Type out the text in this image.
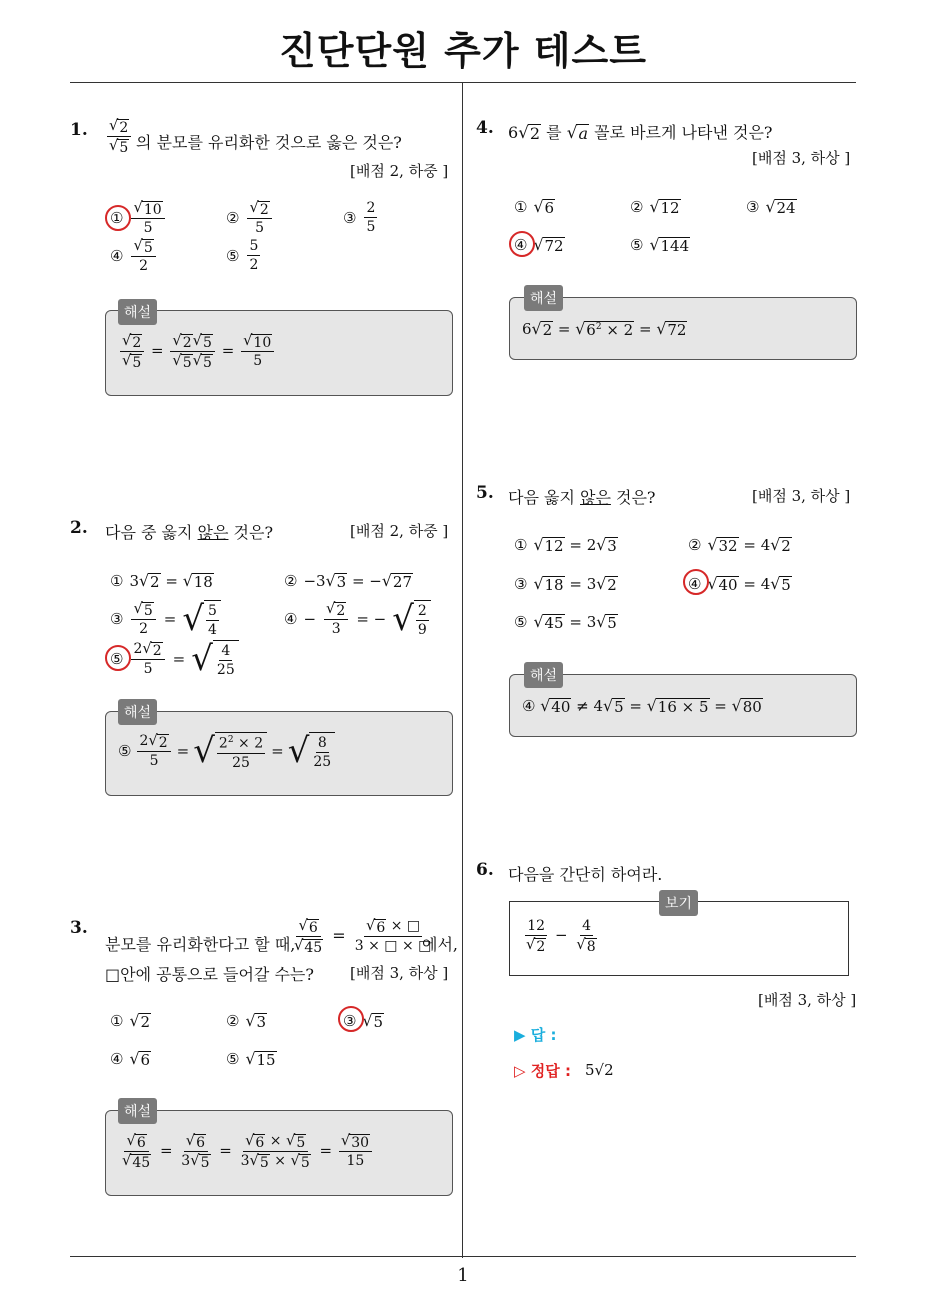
진단단원 추가 테스트
1
1. $\frac{√ 2}{√ 5}$ 의 분모를 유리화한 것으로 옳은 것은?
[배점 2, 하중 ]
① $\frac{√ 10}{5}$	② $\frac{√ 2}{5}$	③ $\frac{2}{5}$
④ $\frac{√ 5}{2}$	⑤ $\frac{5}{2}$
$\frac{√ 2}{√ 5} = \frac{√ 2 √ 5}{√ 5 √ 5} = \frac{√ 10}{5}$
해설
2. 다음 중 옳지 않은 것은?	[배점 2, 하중 ]
① 3 √ 2 = √ 18	② −3 √ 3 = − √ 27
③ $\frac{√ 5}{2}$ = √ $\frac{5}{4}$	④ − $\frac{√ 2}{3}$ = − √ $\frac{2}{9}$
⑤ $\frac{2 √ 2}{5}$ = √ $\frac{4}{25}$
⑤ $\frac{2 √ 2}{5}$ = √ $\frac{2^2 \times 2}{25}$ = √ $\frac{8}{25}$
해설
3.
분모를 유리화한다고 할 때,
$\frac{√ 6}{√ 45} = \frac{√ 6 \times □}{3 \times □ \times □}$
에서,
□안에 공통으로 들어갈 수는? [배점 3, 하상 ]
① √ 2	② √ 3	③ √ 5
④ √ 6	⑤ √ 15
$\frac{√ 6}{√ 45} = \frac{√ 6}{3 √ 5} = \frac{√ 6 \times √ 5}{3 √ 5 \times √ 5} = \frac{√ 30}{15}$
해설
4. 6 √ 2 를 √ a 꼴로 바르게 나타낸 것은?
[배점 3, 하상 ]
① √ 6	② √ 12	③ √ 24
④ √ 72	⑤ √ 144
6 √ 2 = √ $6^2 \times 2$ = √ 72
해설
5. 다음 옳지 않은 것은?	[배점 3, 하상 ]
① √ 12 = 2 √ 3	② √ 32 = 4 √ 2
③ √ 18 = 3 √ 2	④ √ 40 = 4 √ 5
⑤ √ 45 = 3 √ 5
④ √ 40 ≠ 4 √ 5 = √ 16 × 5 = √ 80
해설
6. 다음을 간단히 하여라.
$\frac{12}{√ 2} - \frac{4}{√ 8}$
보기
[배점 3, 하상 ]
▶ 답 :
▷ 정답 : 5√2
